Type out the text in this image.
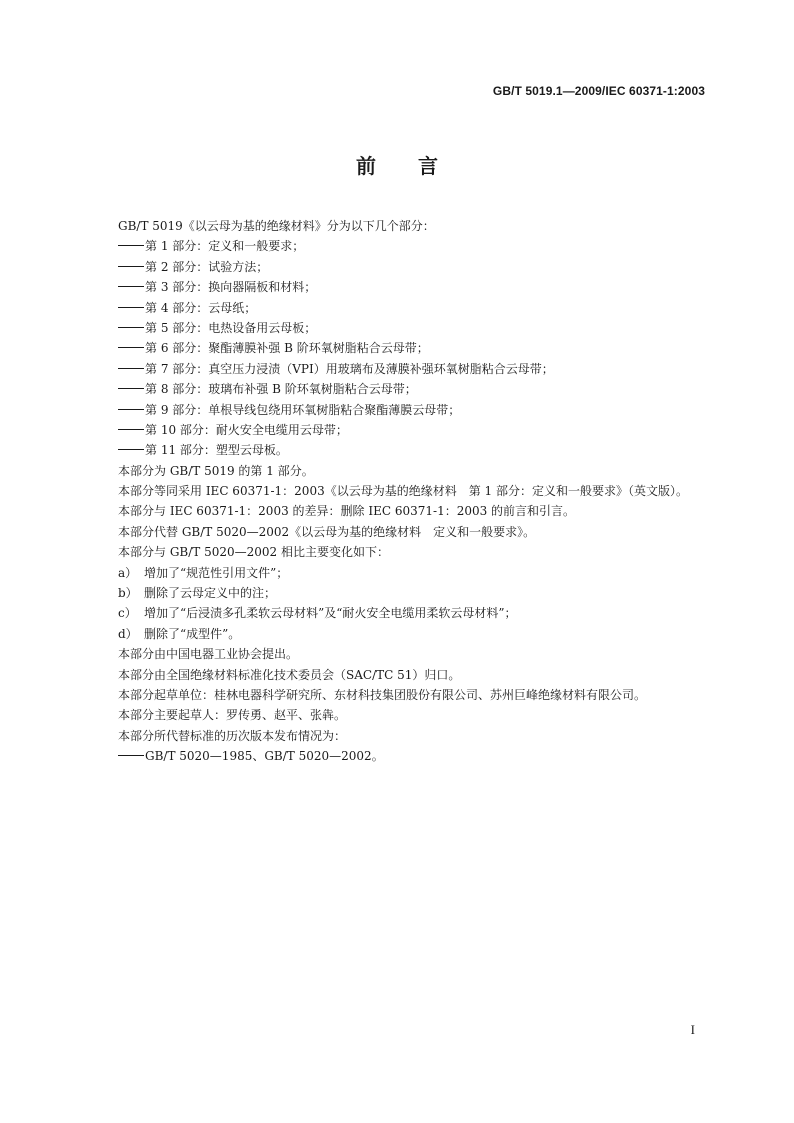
GB/T 5019.1—2009/IEC 60371-1:2003
前言
GB/T 5019《以云母为基的绝缘材料》分为以下几个部分：
第 1 部分：定义和一般要求；
第 2 部分：试验方法；
第 3 部分：换向器隔板和材料；
第 4 部分：云母纸；
第 5 部分：电热设备用云母板；
第 6 部分：聚酯薄膜补强 B 阶环氧树脂粘合云母带；
第 7 部分：真空压力浸渍（VPI）用玻璃布及薄膜补强环氧树脂粘合云母带；
第 8 部分：玻璃布补强 B 阶环氧树脂粘合云母带；
第 9 部分：单根导线包绕用环氧树脂粘合聚酯薄膜云母带；
第 10 部分：耐火安全电缆用云母带；
第 11 部分：塑型云母板。
本部分为 GB/T 5019 的第 1 部分。
本部分等同采用 IEC 60371-1：2003《以云母为基的绝缘材料　第 1 部分：定义和一般要求》（英文版）。
本部分与 IEC 60371-1：2003 的差异：删除 IEC 60371-1：2003 的前言和引言。
本部分代替 GB/T 5020—2002《以云母为基的绝缘材料　定义和一般要求》。
本部分与 GB/T 5020—2002 相比主要变化如下：
a） 增加了“规范性引用文件”；
b） 删除了云母定义中的注；
c） 增加了“后浸渍多孔柔软云母材料”及“耐火安全电缆用柔软云母材料”；
d） 删除了“成型件”。
本部分由中国电器工业协会提出。
本部分由全国绝缘材料标准化技术委员会（SAC/TC 51）归口。
本部分起草单位：桂林电器科学研究所、东材科技集团股份有限公司、苏州巨峰绝缘材料有限公司。
本部分主要起草人：罗传勇、赵平、张犇。
本部分所代替标准的历次版本发布情况为：
GB/T 5020—1985、GB/T 5020—2002。
I
